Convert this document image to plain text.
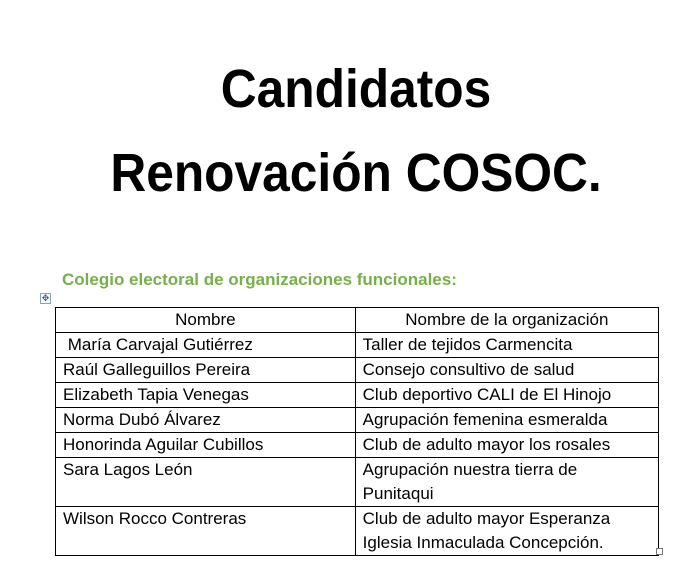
Candidatos
Renovación COSOC.
Colegio electoral de organizaciones funcionales:
✥
Nombre	Nombre de la organización
María Carvajal Gutiérrez	Taller de tejidos Carmencita
Raúl Galleguillos Pereira	Consejo consultivo de salud
Elizabeth Tapia Venegas	Club deportivo CALI de El Hinojo
Norma Dubó Álvarez	Agrupación femenina esmeralda
Honorinda Aguilar Cubillos	Club de adulto mayor los rosales
Sara Lagos León	Agrupación nuestra tierra de Punitaqui
Wilson Rocco Contreras	Club de adulto mayor Esperanza Iglesia Inmaculada Concepción.
